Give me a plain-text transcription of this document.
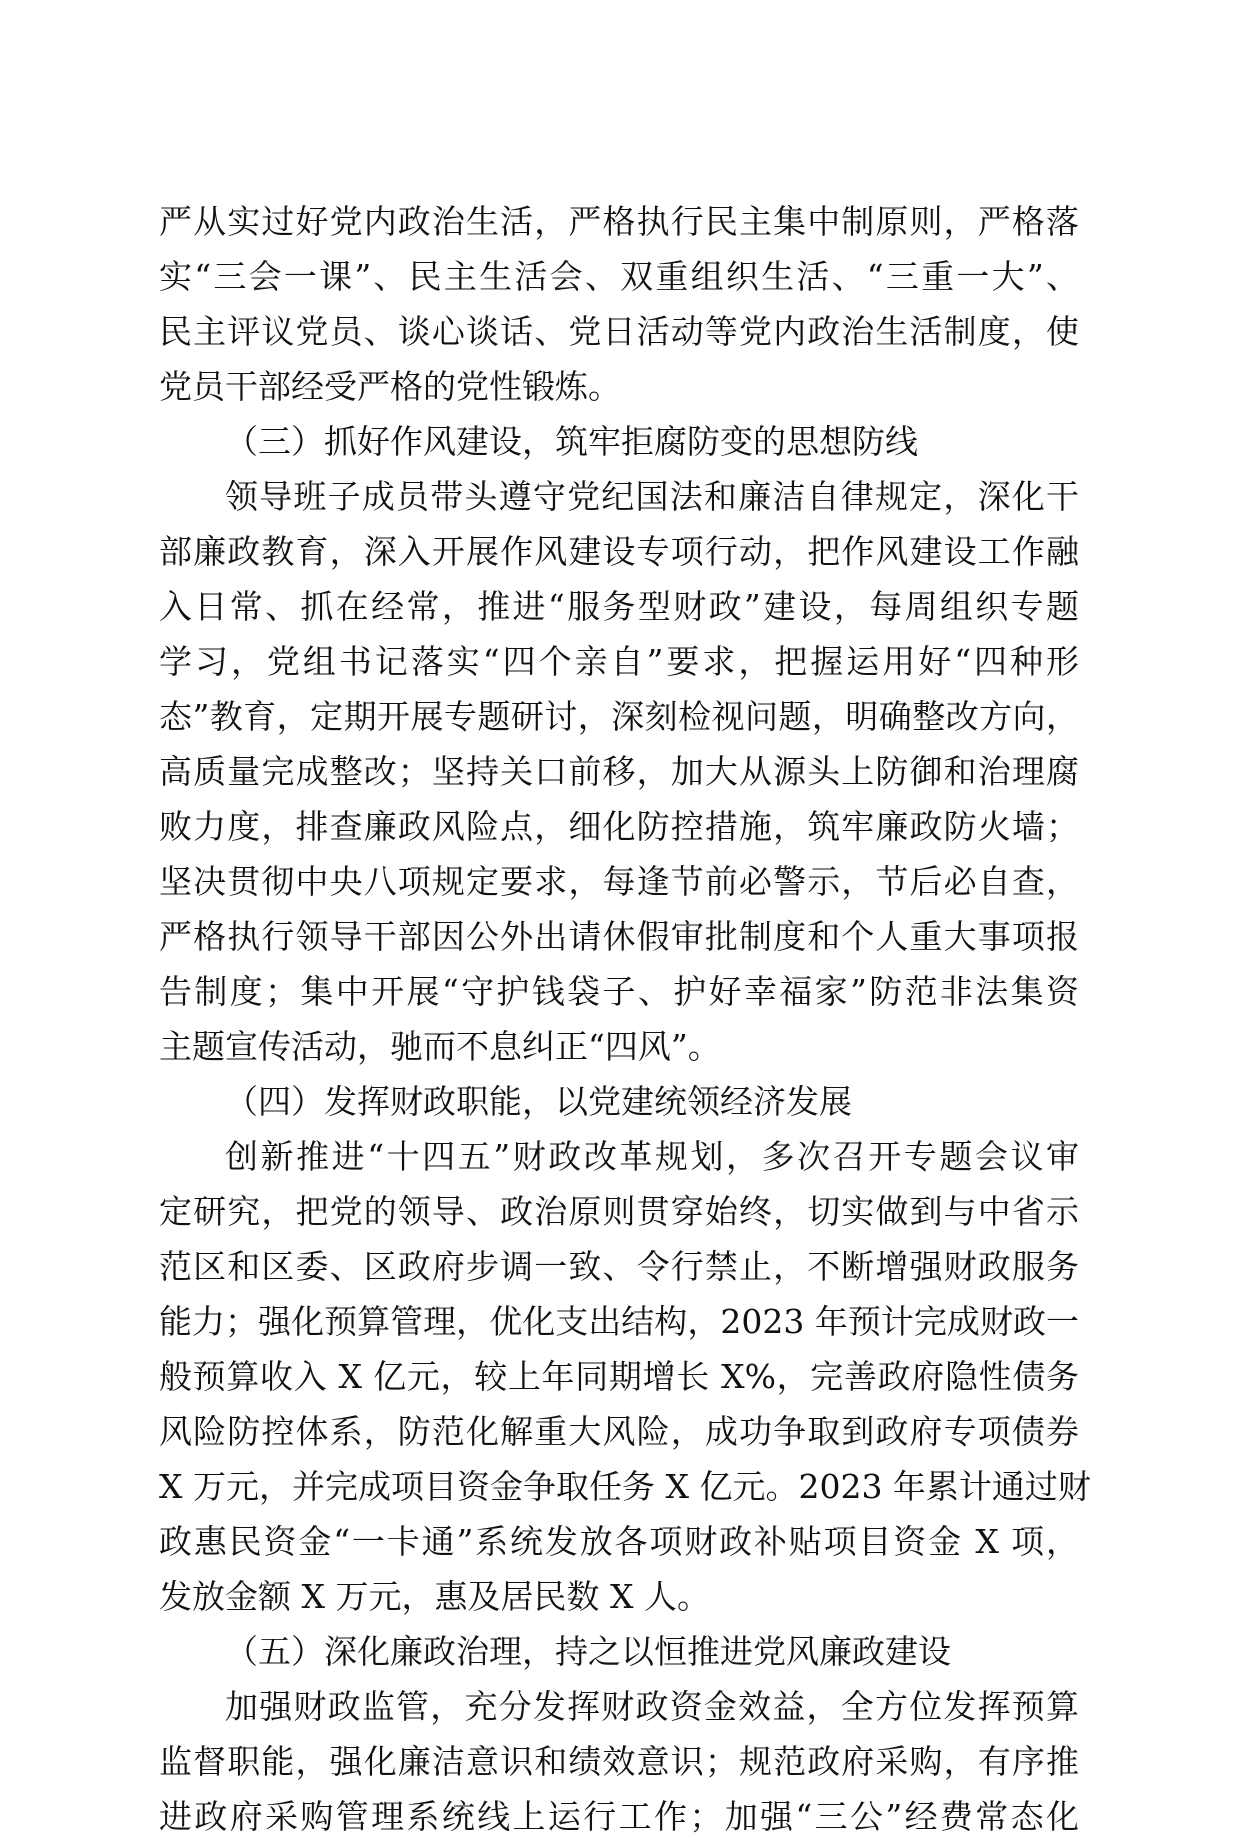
严从实过好党内政治生活，严格执行民主集中制原则，严格落
实“三会一课”、民主生活会、双重组织生活、“三重一大”、
民主评议党员、谈心谈话、党日活动等党内政治生活制度，使
党员干部经受严格的党性锻炼。
（三）抓好作风建设，筑牢拒腐防变的思想防线
领导班子成员带头遵守党纪国法和廉洁自律规定，深化干
部廉政教育，深入开展作风建设专项行动，把作风建设工作融
入日常、抓在经常，推进“服务型财政”建设，每周组织专题
学习，党组书记落实“四个亲自”要求，把握运用好“四种形
态”教育，定期开展专题研讨，深刻检视问题，明确整改方向，
高质量完成整改；坚持关口前移，加大从源头上防御和治理腐
败力度，排查廉政风险点，细化防控措施，筑牢廉政防火墙；
坚决贯彻中央八项规定要求，每逢节前必警示，节后必自查，
严格执行领导干部因公外出请休假审批制度和个人重大事项报
告制度；集中开展“守护钱袋子、护好幸福家”防范非法集资
主题宣传活动，驰而不息纠正“四风”。
（四）发挥财政职能，以党建统领经济发展
创新推进“十四五”财政改革规划，多次召开专题会议审
定研究，把党的领导、政治原则贯穿始终，切实做到与中省示
范区和区委、区政府步调一致、令行禁止，不断增强财政服务
能力；强化预算管理，优化支出结构，2023 年预计完成财政一
般预算收入 X 亿元，较上年同期增长 X%，完善政府隐性债务
风险防控体系，防范化解重大风险，成功争取到政府专项债券
X 万元，并完成项目资金争取任务 X 亿元。2023 年累计通过财
政惠民资金“一卡通”系统发放各项财政补贴项目资金 X 项，
发放金额 X 万元，惠及居民数 X 人。
（五）深化廉政治理，持之以恒推进党风廉政建设
加强财政监管，充分发挥财政资金效益，全方位发挥预算
监督职能，强化廉洁意识和绩效意识；规范政府采购，有序推
进政府采购管理系统线上运行工作；加强“三公”经费常态化
